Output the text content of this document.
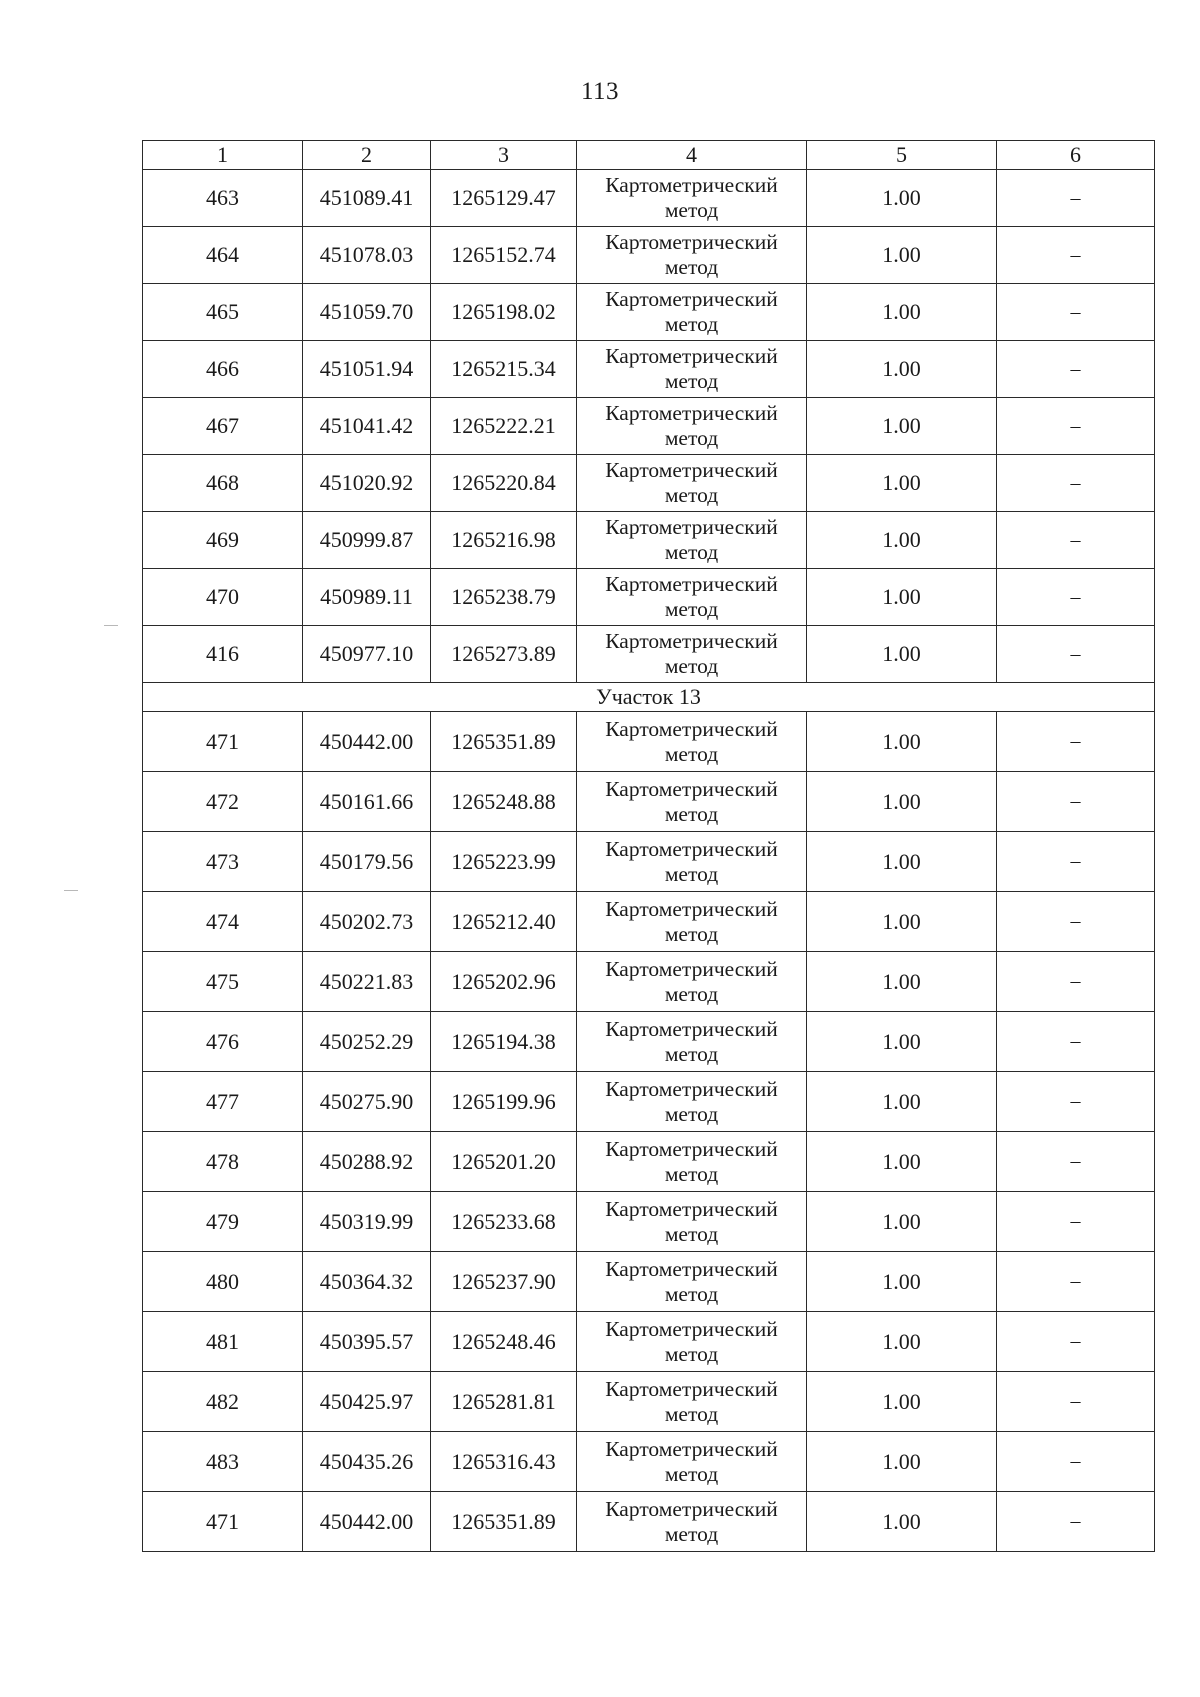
113
1	2	3	4	5	6
463	451089.41	1265129.47	Картометрический метод	1.00	–
464	451078.03	1265152.74	Картометрический метод	1.00	–
465	451059.70	1265198.02	Картометрический метод	1.00	–
466	451051.94	1265215.34	Картометрический метод	1.00	–
467	451041.42	1265222.21	Картометрический метод	1.00	–
468	451020.92	1265220.84	Картометрический метод	1.00	–
469	450999.87	1265216.98	Картометрический метод	1.00	–
470	450989.11	1265238.79	Картометрический метод	1.00	–
416	450977.10	1265273.89	Картометрический метод	1.00	–
Участок 13					
471	450442.00	1265351.89	Картометрический метод	1.00	–
472	450161.66	1265248.88	Картометрический метод	1.00	–
473	450179.56	1265223.99	Картометрический метод	1.00	–
474	450202.73	1265212.40	Картометрический метод	1.00	–
475	450221.83	1265202.96	Картометрический метод	1.00	–
476	450252.29	1265194.38	Картометрический метод	1.00	–
477	450275.90	1265199.96	Картометрический метод	1.00	–
478	450288.92	1265201.20	Картометрический метод	1.00	–
479	450319.99	1265233.68	Картометрический метод	1.00	–
480	450364.32	1265237.90	Картометрический метод	1.00	–
481	450395.57	1265248.46	Картометрический метод	1.00	–
482	450425.97	1265281.81	Картометрический метод	1.00	–
483	450435.26	1265316.43	Картометрический метод	1.00	–
471	450442.00	1265351.89	Картометрический метод	1.00	–
